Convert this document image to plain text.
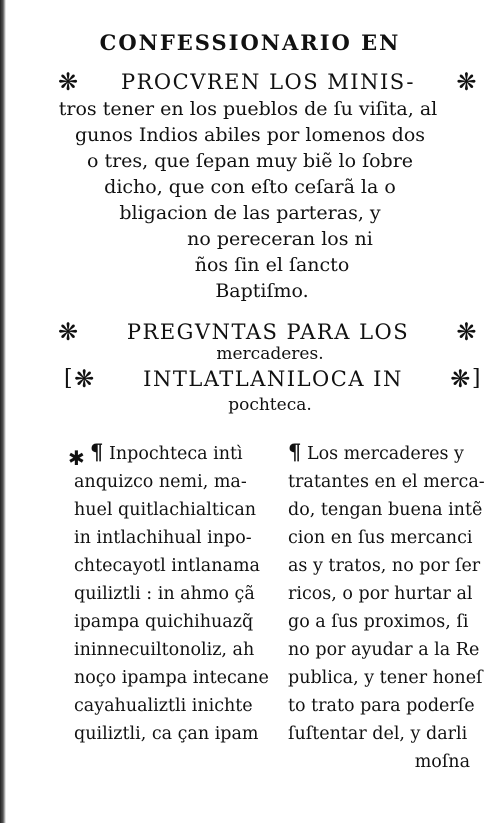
CONFESSIONARIO EN
❋	PROCVREN LOS MINIS-	❋
tros tener en los pueblos de ſu viſita, al
gunos Indios abiles por lomenos dos
o tres, que ſepan muy biẽ lo ſobre
dicho, que con eſto ceſarã la o
bligacion de las parteras, y
no pereceran los ni
ños ſin el ſancto
Baptiſmo.
❋	PREGVNTAS PARA LOS	❋
mercaderes.
[ ❋	INTLATLANILOCA IN	❋ ]
pochteca.
✱ ¶ Inpochteca intì
anquizco nemi, ma-
huel quitlachialtican
in intlachihual inpo-
chtecayotl intlanama
quiliztli : in ahmo çã
ipampa quichihuazq̃
ininnecuiltonoliz, ah
noço ipampa intecane
cayahualiztli inichte
quiliztli, ca çan ipam
¶ Los mercaderes y
tratantes en el merca-
do, tengan buena intẽ
cion en ſus mercanci
as y tratos, no por ſer
ricos, o por hurtar al
go a ſus proximos, ſi
no por ayudar a la Re
publica, y tener honeſ
to trato para poderſe
ſuſtentar del, y darli
moſna
